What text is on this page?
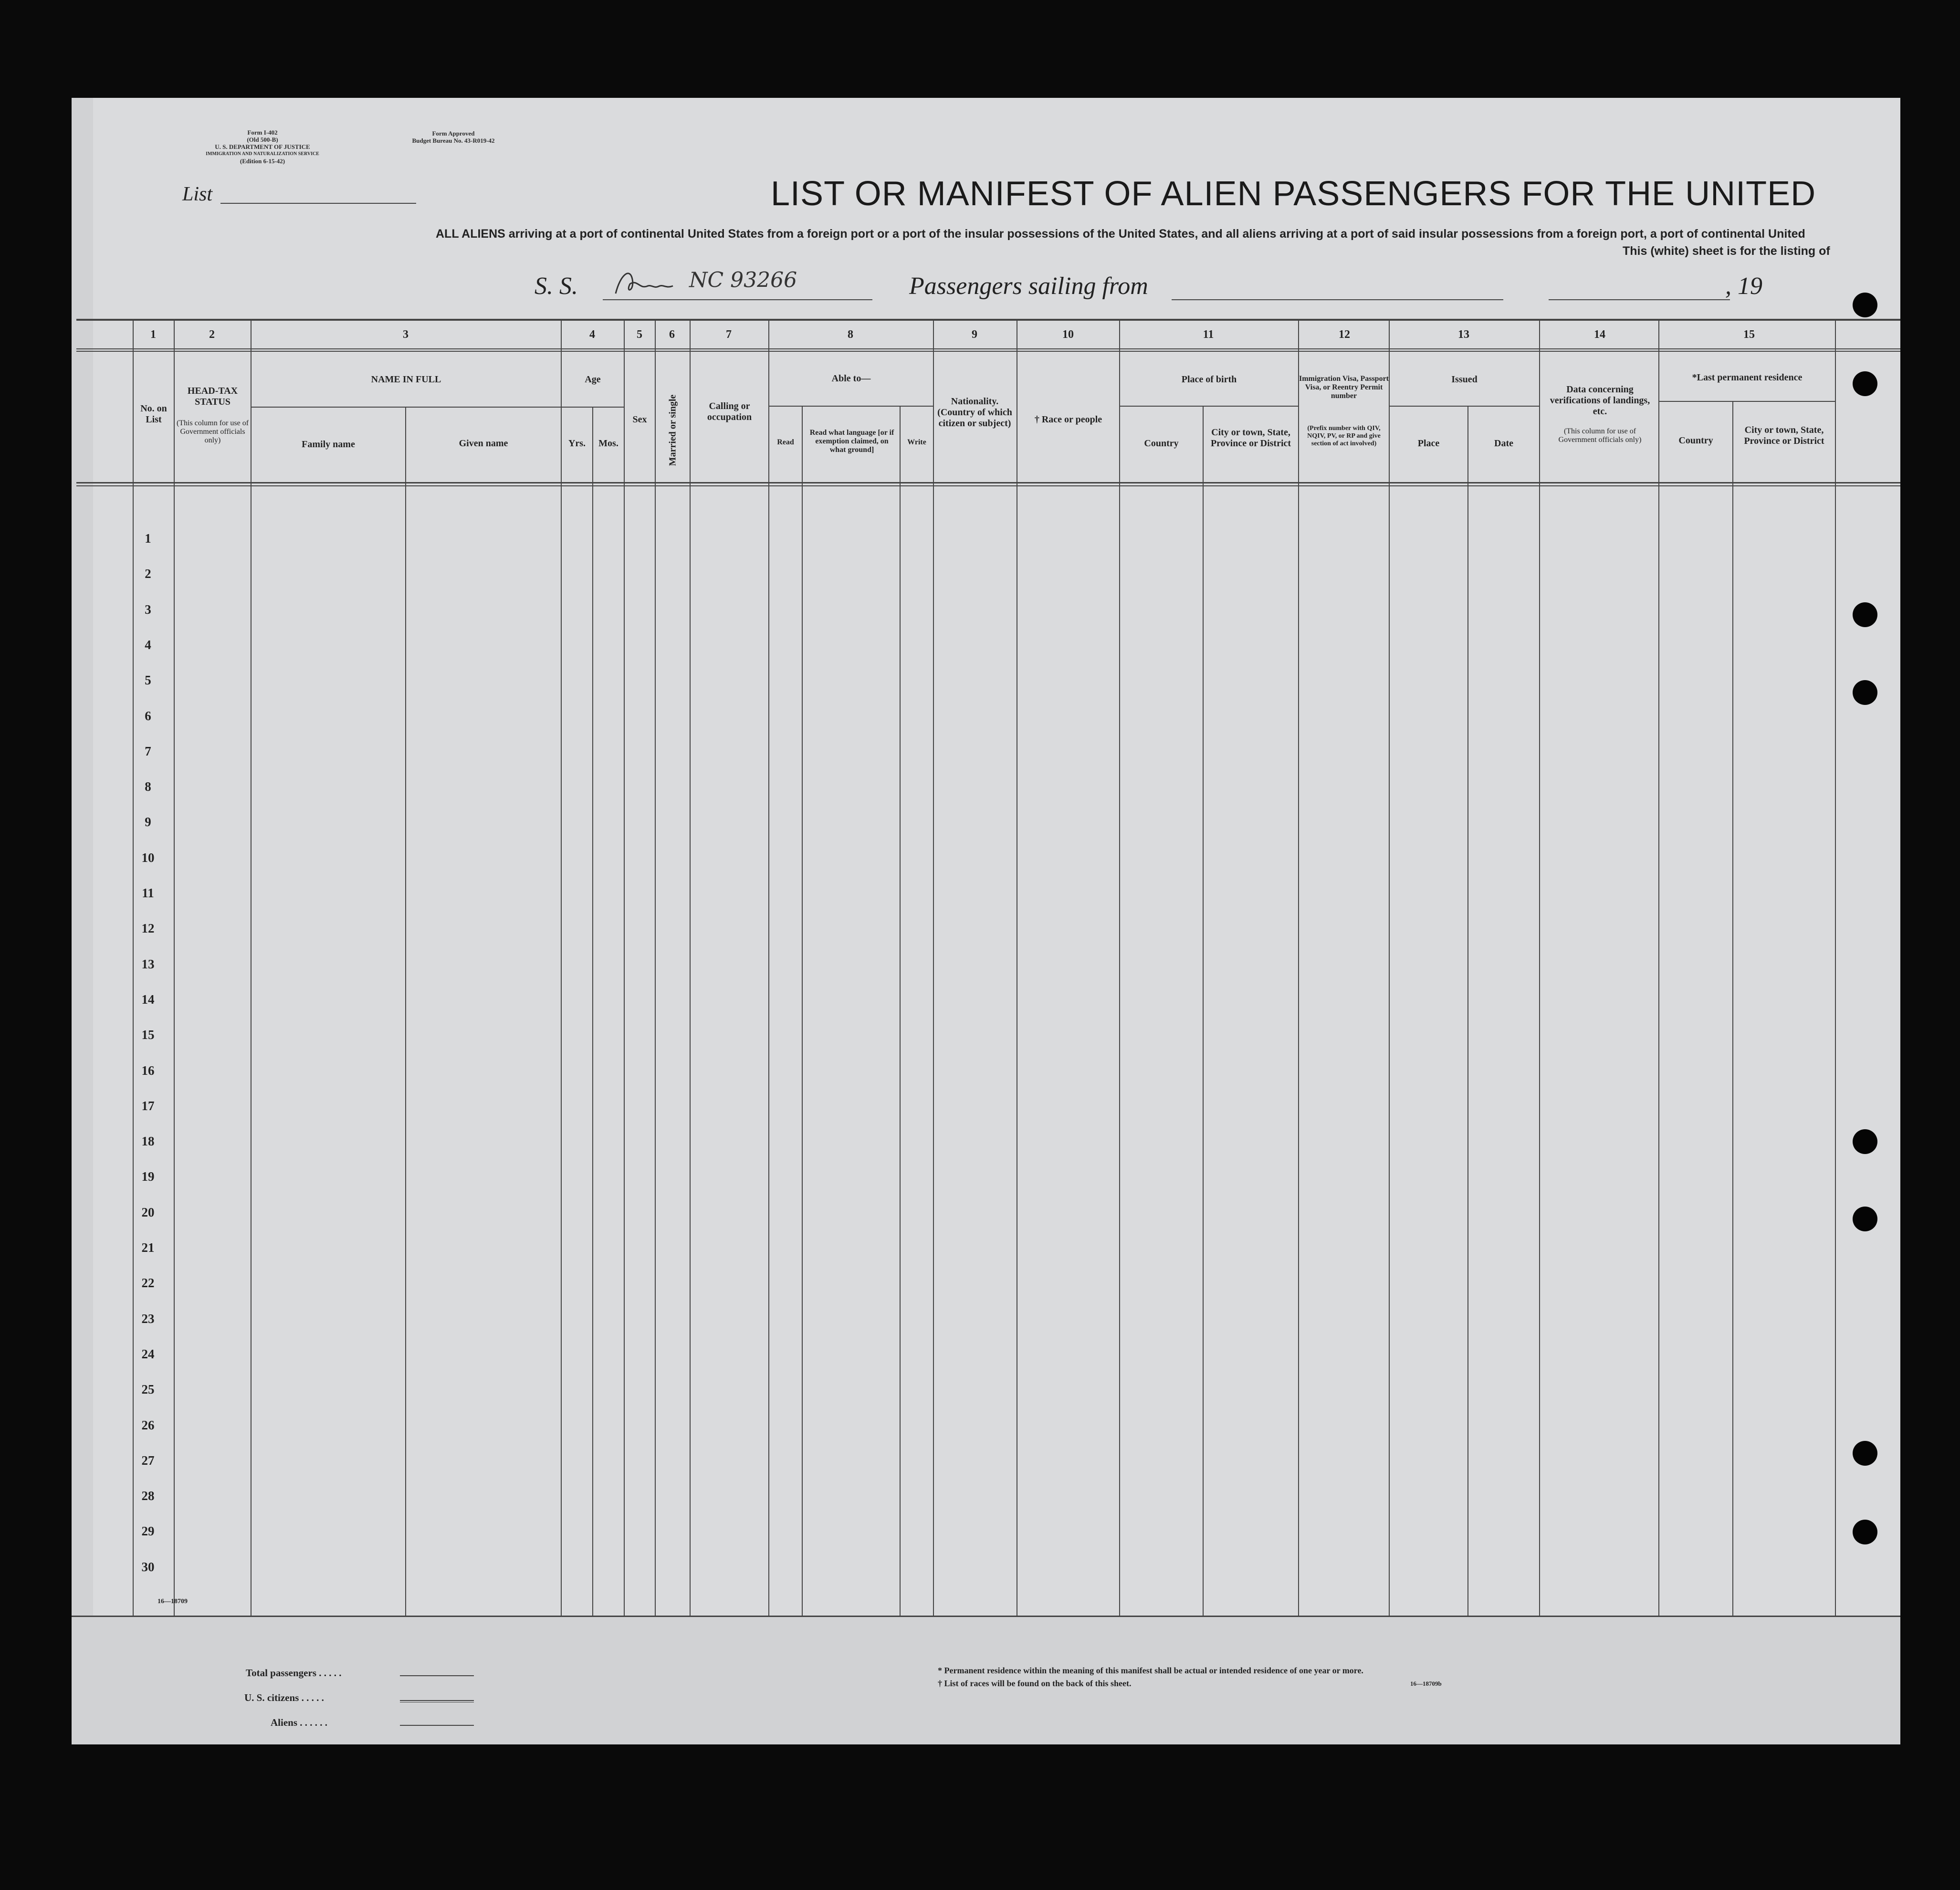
Form I-402
(Old 500-B)
U. S. DEPARTMENT OF JUSTICE
IMMIGRATION AND NATURALIZATION SERVICE
(Edition 6-15-42)
Form Approved
Budget Bureau No. 43-R019-42
List	LIST OR MANIFEST OF ALIEN PASSENGERS FOR THE UNITED
ALL ALIENS arriving at a port of continental United States from a foreign port or a port of the insular possessions of the United States, and all aliens arriving at a port of said insular possessions from a foreign port, a port of continental United
This (white) sheet is for the listing of
S. S.	NC 93266	Passengers sailing from	, 19
1	2	3	4	5	6	7	8	9	10	11	12	13	14	15
No. on List
HEAD-TAX STATUS
(This column for use of Government officials only)
NAME IN FULL
Family name	Given name
Age
Yrs.	Mos.
Sex	Married or single	Calling or occupation
Able to—
Read
Read what language [or if exemption claimed, on what ground]
Write
Nationality. (Country of which citizen or subject)	† Race or people
Place of birth
Country
City or town, State, Province or District
Immigration Visa, Passport Visa, or Reentry Permit number
(Prefix number with QIV, NQIV, PV, or RP and give section of act involved)
Issued
Place	Date
Data concerning verifications of landings, etc.
(This column for use of Government officials only)
*Last permanent residence
Country
City or town, State, Province or District
1
2
3
4
5
6
7
8
9
10
11
12
13
14
15
16
17
18
19
20
21
22
23
24
25
26
27
28
29
30
16—18709
Total passengers . . . . .
U. S. citizens . . . . .
Aliens . . . . . .
* Permanent residence within the meaning of this manifest shall be actual or intended residence of one year or more.
† List of races will be found on the back of this sheet.	16—18709b
